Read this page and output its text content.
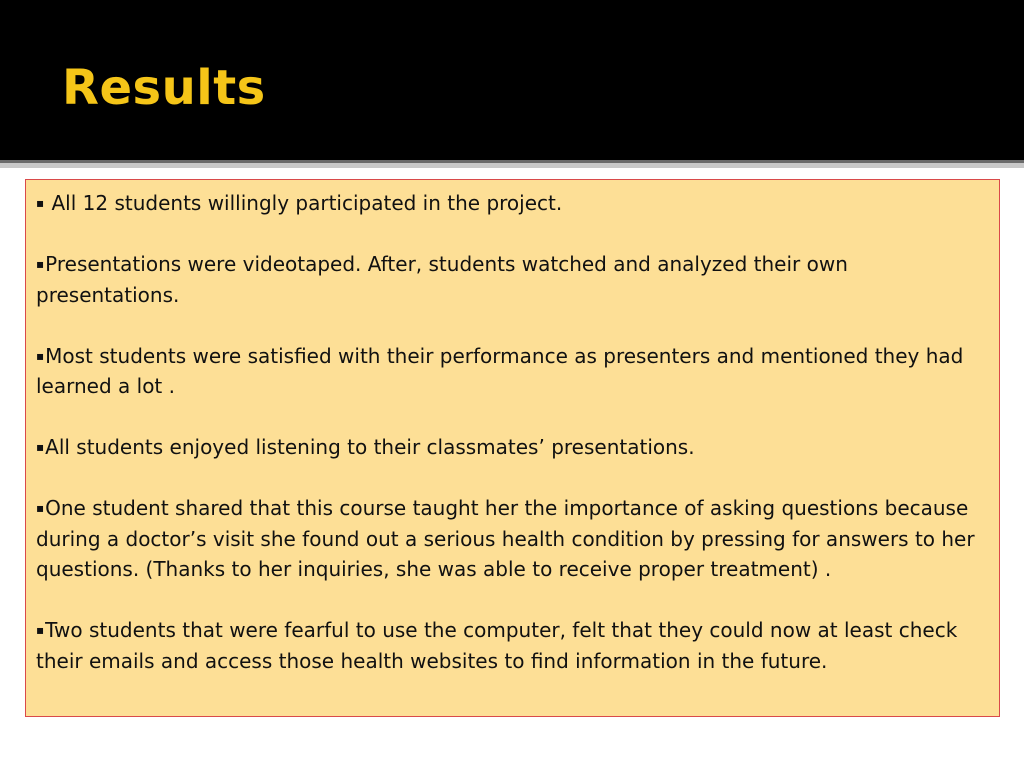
Results
▪ All 12 students willingly participated in the project.
▪Presentations were videotaped. After, students watched and analyzed their own presentations.
▪Most students were satisfied with their performance as presenters and mentioned they had learned a lot .
▪All students enjoyed listening to their classmates’ presentations.
▪One student shared that this course taught her the importance of asking questions because during a doctor’s visit she found out a serious health condition by pressing for answers to her questions. (Thanks to her inquiries, she was able to receive proper treatment) .
▪Two students that were fearful to use the computer, felt that they could now at least check their emails and access those health websites to find information in the future.
